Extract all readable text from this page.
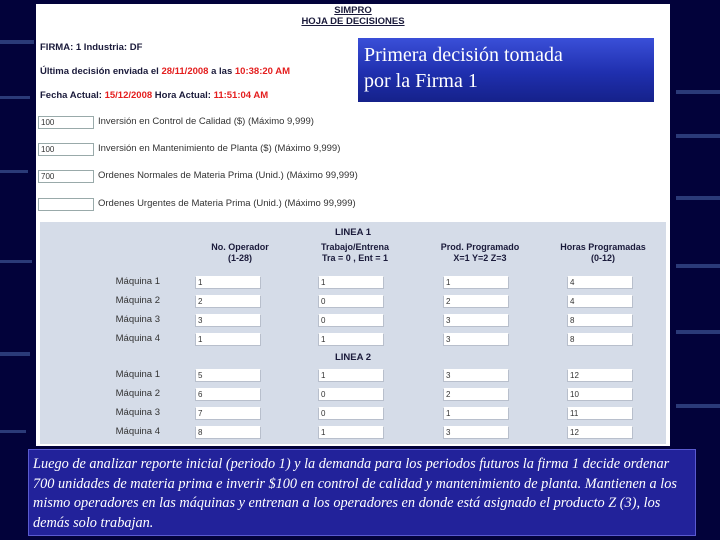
SIMPRO
HOJA DE DECISIONES
FIRMA: 1 Industria: DF
Última decisión enviada el 28/11/2008 a las 10:38:20 AM
Fecha Actual: 15/12/2008 Hora Actual: 11:51:04 AM
100	Inversión en Control de Calidad ($) (Máximo 9,999)
100	Inversión en Mantenimiento de Planta ($) (Máximo 9,999)
700	Ordenes Normales de Materia Prima (Unid.) (Máximo 99,999)
Ordenes Urgentes de Materia Prima (Unid.) (Máximo 99,999)
LINEA 1
No. Operador
(1-28)
Trabajo/Entrena
Tra = 0 , Ent = 1
Prod. Programado
X=1 Y=2 Z=3
Horas Programadas
(0-12)
Máquina 1	1	1	1	4
Máquina 2	2	0	2	4
Máquina 3	3	0	3	8
Máquina 4	1	1	3	8
LINEA 2
Máquina 1	5	1	3	12
Máquina 2	6	0	2	10
Máquina 3	7	0	1	11
Máquina 4	8	1	3	12
Primera decisión tomada
por la Firma 1
Luego de analizar reporte inicial (periodo 1) y la demanda para los periodos futuros la firma 1 decide ordenar 700 unidades de materia prima e inverir $100 en control de calidad y mantenimiento de planta. Mantienen a los mismo operadores en las máquinas y entrenan a los operadores en donde está asignado el producto Z (3), los demás solo trabajan.
